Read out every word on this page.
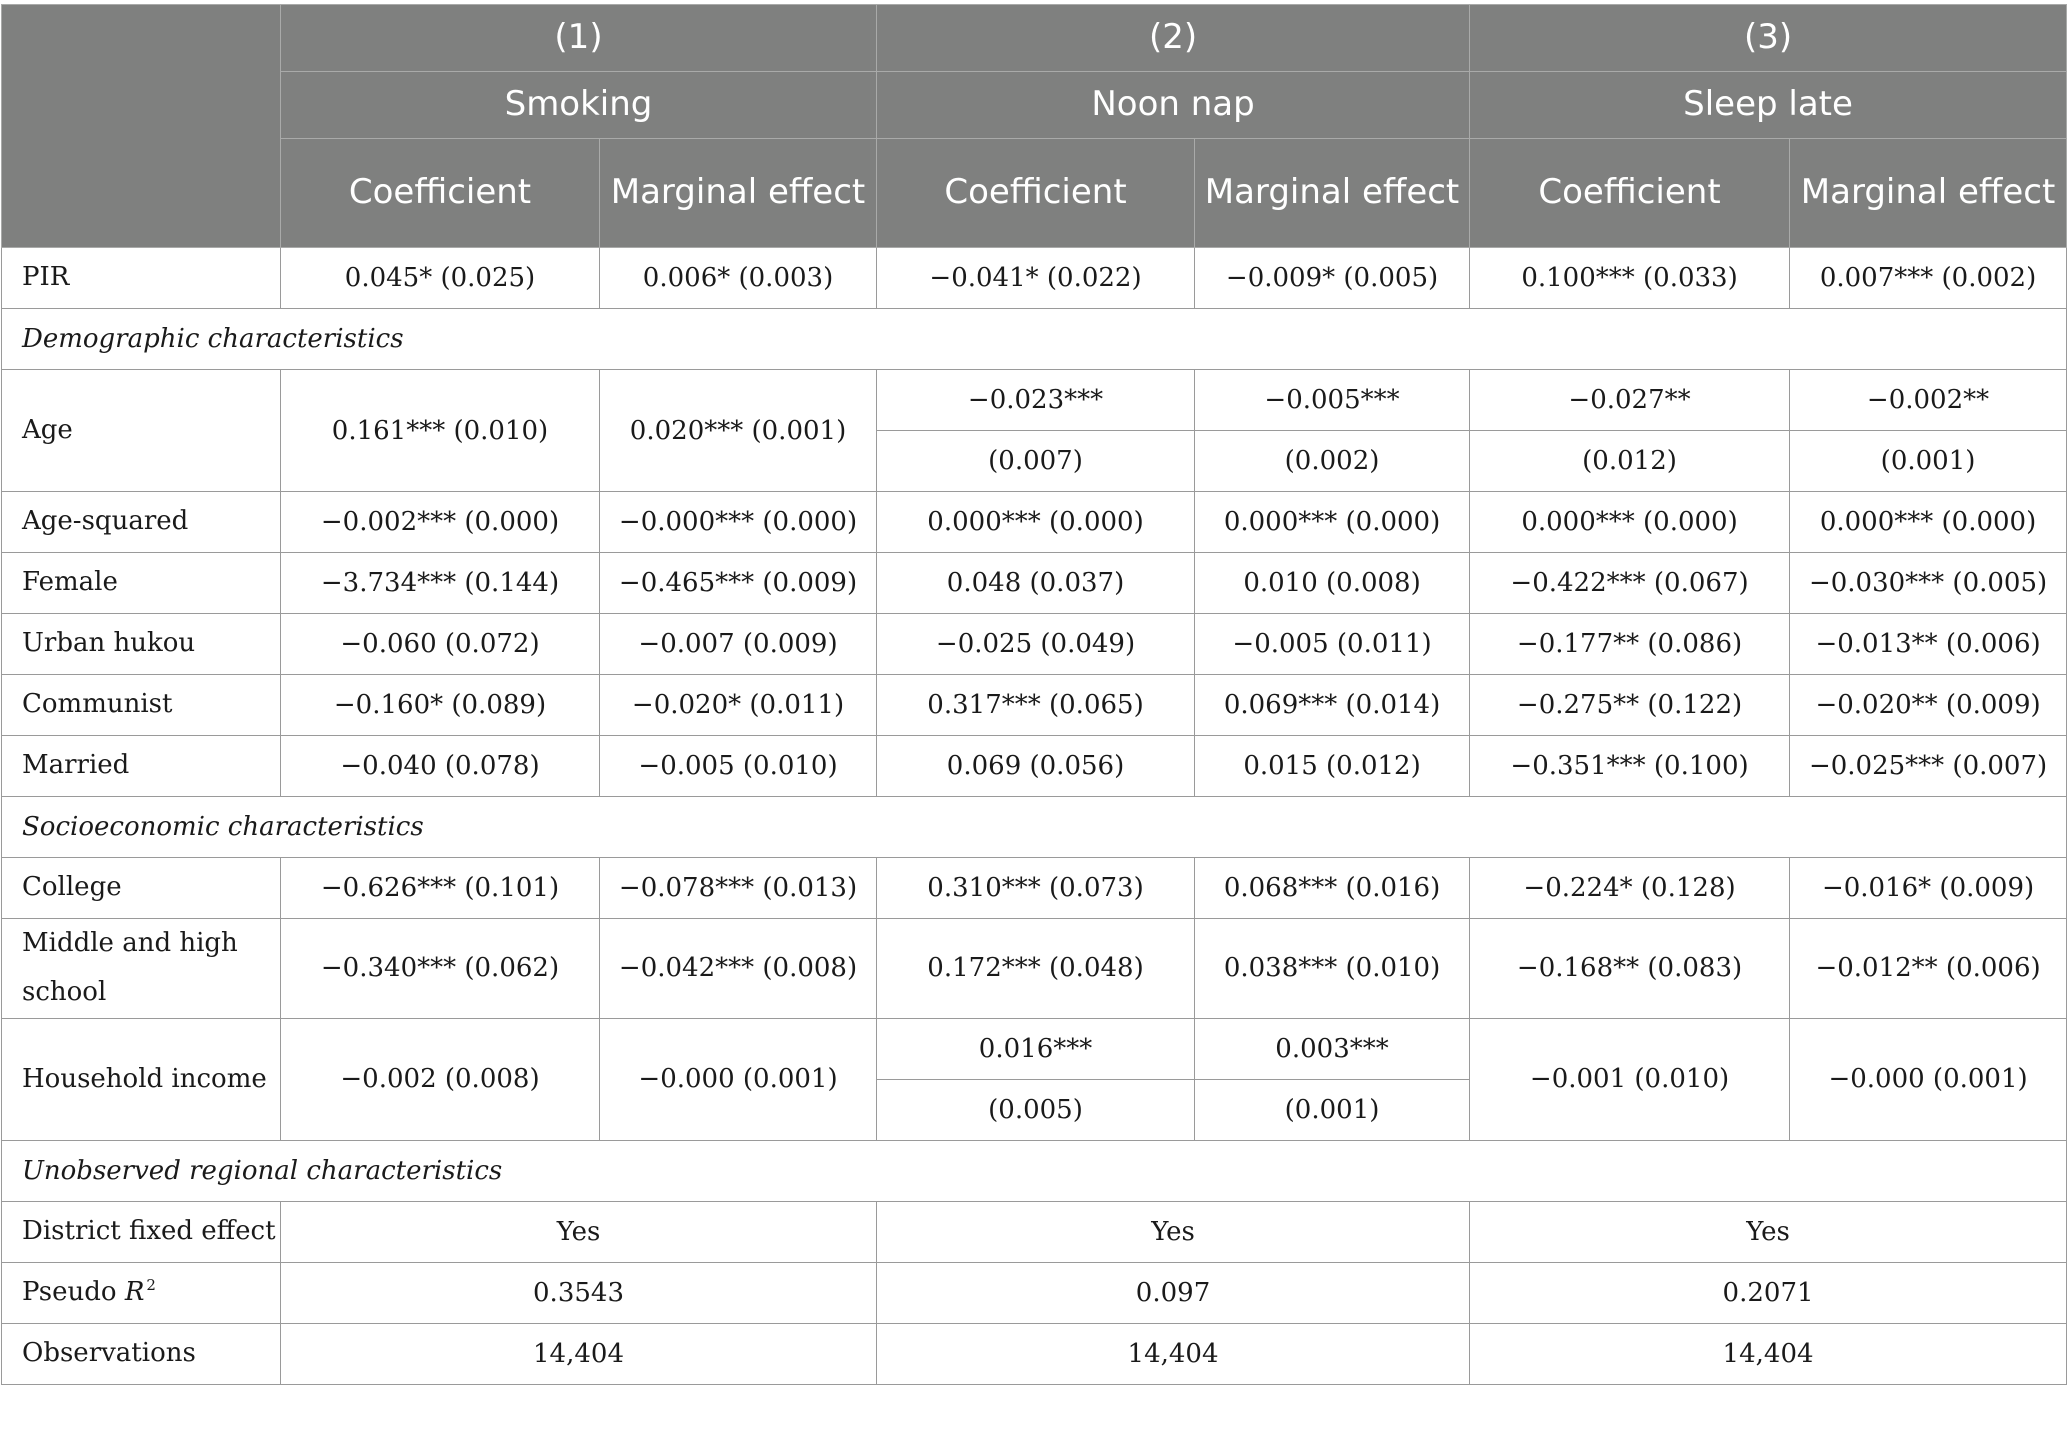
	(1)		(2)		(3)	
	Smoking		Noon nap		Sleep late	
	Coefficient	Marginal effect	Coefficient	Marginal effect	Coefficient	Marginal effect
PIR	0.045* (0.025)	0.006* (0.003)	−0.041* (0.022)	−0.009* (0.005)	0.100*** (0.033)	0.007*** (0.002)
Demographic characteristics						
Age	0.161*** (0.010)	0.020*** (0.001)	−0.023***	−0.005***	−0.027**	−0.002**
			(0.007)	(0.002)	(0.012)	(0.001)
Age-squared	−0.002*** (0.000)	−0.000*** (0.000)	0.000*** (0.000)	0.000*** (0.000)	0.000*** (0.000)	0.000*** (0.000)
Female	−3.734*** (0.144)	−0.465*** (0.009)	0.048 (0.037)	0.010 (0.008)	−0.422*** (0.067)	−0.030*** (0.005)
Urban hukou	−0.060 (0.072)	−0.007 (0.009)	−0.025 (0.049)	−0.005 (0.011)	−0.177** (0.086)	−0.013** (0.006)
Communist	−0.160* (0.089)	−0.020* (0.011)	0.317*** (0.065)	0.069*** (0.014)	−0.275** (0.122)	−0.020** (0.009)
Married	−0.040 (0.078)	−0.005 (0.010)	0.069 (0.056)	0.015 (0.012)	−0.351*** (0.100)	−0.025*** (0.007)
Socioeconomic characteristics						
College	−0.626*** (0.101)	−0.078*** (0.013)	0.310*** (0.073)	0.068*** (0.016)	−0.224* (0.128)	−0.016* (0.009)
Middle and high school	−0.340*** (0.062)	−0.042*** (0.008)	0.172*** (0.048)	0.038*** (0.010)	−0.168** (0.083)	−0.012** (0.006)
Household income	−0.002 (0.008)	−0.000 (0.001)	0.016***	0.003***	−0.001 (0.010)	−0.000 (0.001)
			(0.005)	(0.001)		
Unobserved regional characteristics						
District fixed effect	Yes		Yes		Yes	
Pseudo R $^2$	0.3543		0.097		0.2071	
Observations	14,404		14,404		14,404	
